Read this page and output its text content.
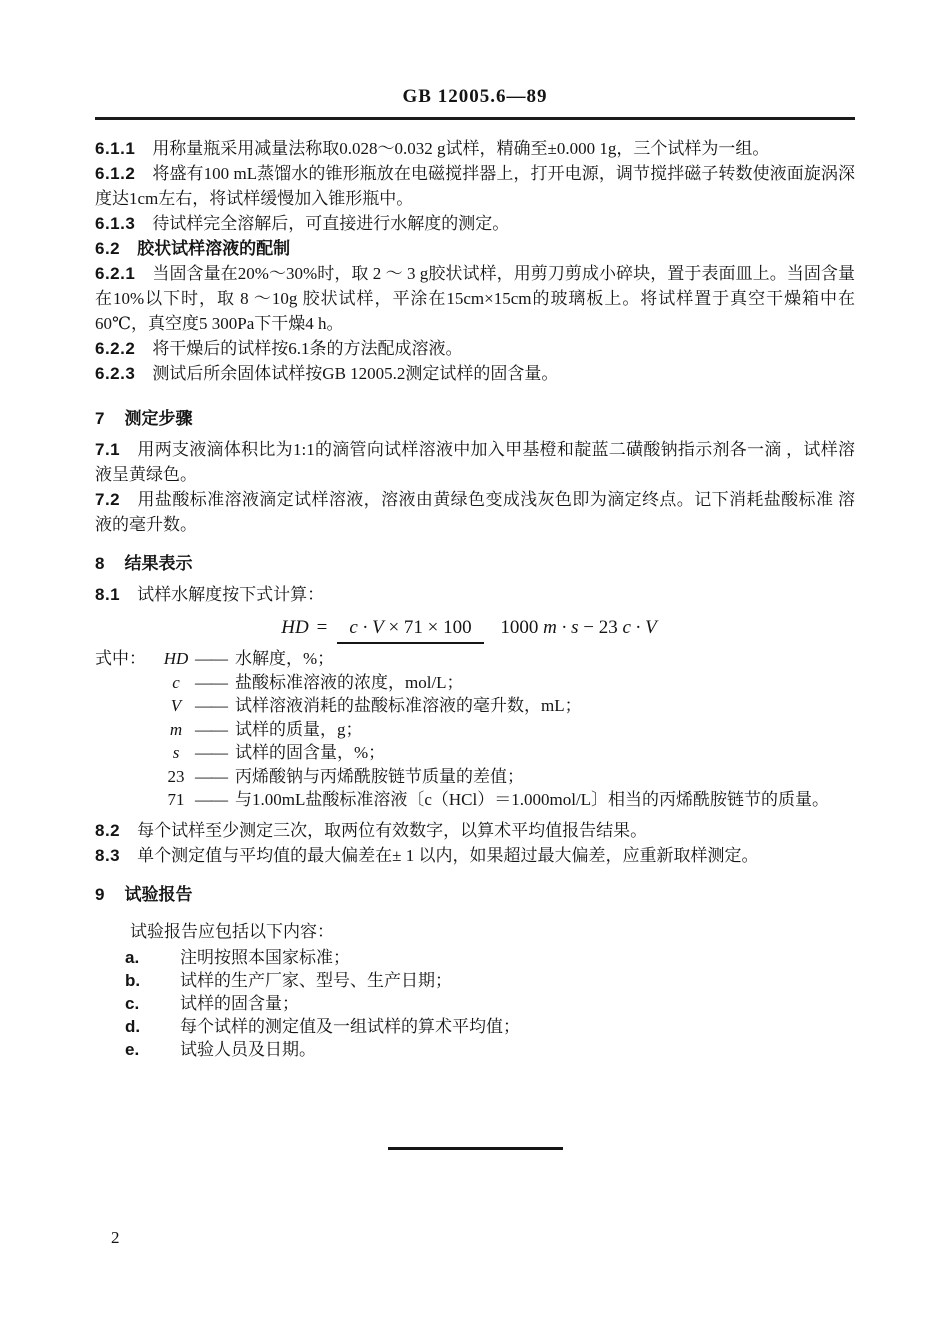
GB 12005.6—89

6.1.1 用称量瓶采用减量法称取0.028～0.032 g试样，精确至±0.000 1g，三个试样为一组。

6.1.2 将盛有100 mL蒸馏水的锥形瓶放在电磁搅拌器上，打开电源，调节搅拌磁子转数使液面旋涡深度达1cm左右，将试样缓慢加入锥形瓶中。

6.1.3 待试样完全溶解后，可直接进行水解度的测定。

6.2 胶状试样溶液的配制

6.2.1 当固含量在20%～30%时，取 2 ～ 3 g胶状试样，用剪刀剪成小碎块，置于表面皿上。当固含量在10%以下时，取 8 ～10g 胶状试样，平涂在15cm×15cm的玻璃板上。将试样置于真空干燥箱中在60℃，真空度5 300Pa下干燥4 h。

6.2.2 将干燥后的试样按6.1条的方法配成溶液。

6.2.3 测试后所余固体试样按GB 12005.2测定试样的固含量。

7 测定步骤

7.1 用两支液滴体积比为1:1的滴管向试样溶液中加入甲基橙和靛蓝二磺酸钠指示剂各一滴 ，试样溶液呈黄绿色。

7.2 用盐酸标准溶液滴定试样溶液，溶液由黄绿色变成浅灰色即为滴定终点。记下消耗盐酸标准 溶液的毫升数。

8 结果表示

8.1 试样水解度按下式计算：

HD =	c · V × 71 × 100 1000 m · s − 23 c · V
式中：	HD —— 水解度，%；
c —— 盐酸标准溶液的浓度，mol/L；
V —— 试样溶液消耗的盐酸标准溶液的毫升数，mL；
m —— 试样的质量，g；
s —— 试样的固含量，%；
23 —— 丙烯酸钠与丙烯酰胺链节质量的差值；
71 —— 与1.00mL盐酸标准溶液〔c（HCl）＝1.000mol/L〕相当的丙烯酰胺链节的质量。

8.2 每个试样至少测定三次，取两位有效数字，以算术平均值报告结果。

8.3 单个测定值与平均值的最大偏差在± 1 以内，如果超过最大偏差，应重新取样测定。

9 试验报告

试验报告应包括以下内容：

a.	注明按照本国家标准；
b.	试样的生产厂家、型号、生产日期；
c.	试样的固含量；
d.	每个试样的测定值及一组试样的算术平均值；
e.	试验人员及日期。
2
